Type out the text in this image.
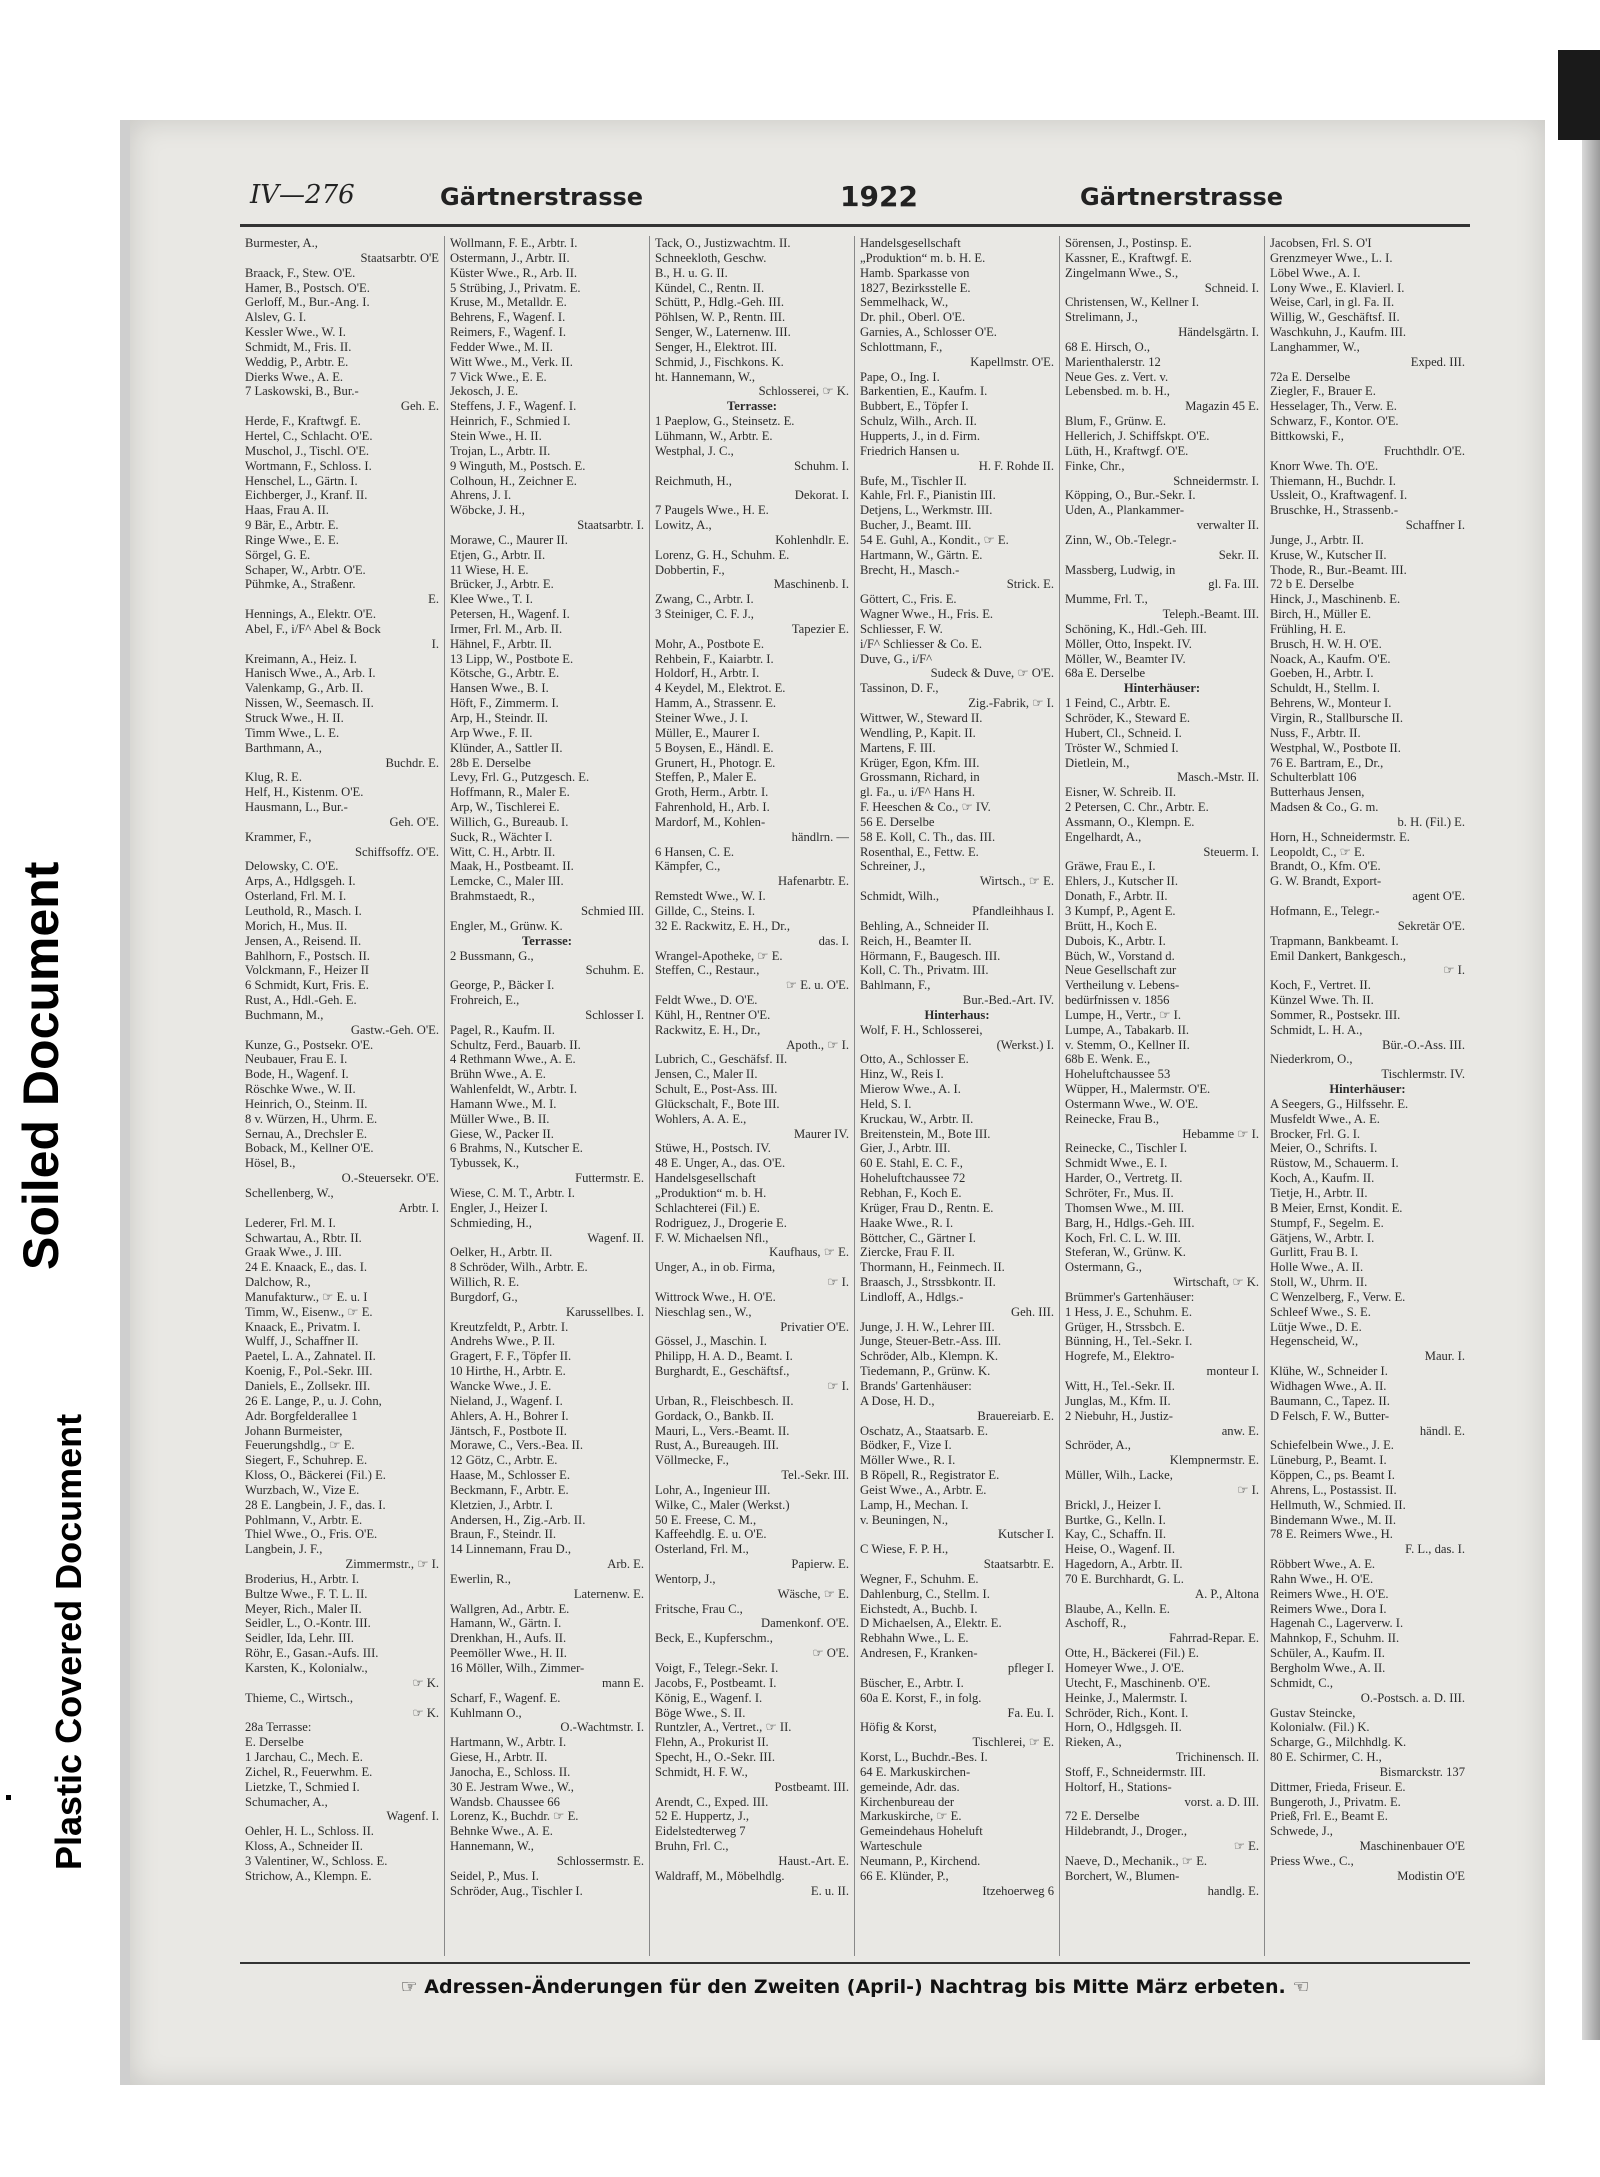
Soiled Document
Plastic Covered Document
IV—276	Gärtnerstrasse	1922	Gärtnerstrasse
Burmester, A.,
Staatsarbtr. O'E
Braack, F., Stew. O'E.
Hamer, B., Postsch. O'E.
Gerloff, M., Bur.-Ang. I.
Alslev, G. I.
Kessler Wwe., W. I.
Schmidt, M., Fris. II.
Weddig, P., Arbtr. E.
Dierks Wwe., A. E.
7 Laskowski, B., Bur.-
Geh. E.
Herde, F., Kraftwgf. E.
Hertel, C., Schlacht. O'E.
Muschol, J., Tischl. O'E.
Wortmann, F., Schloss. I.
Henschel, L., Gärtn. I.
Eichberger, J., Kranf. II.
Haas, Frau A. II.
9 Bär, E., Arbtr. E.
Ringe Wwe., E. E.
Sörgel, G. E.
Schaper, W., Arbtr. O'E.
Pühmke, A., Straßenr.
E.
Hennings, A., Elektr. O'E.
Abel, F., i/F^ Abel & Bock
I.
Kreimann, A., Heiz. I.
Hanisch Wwe., A., Arb. I.
Valenkamp, G., Arb. II.
Nissen, W., Seemasch. II.
Struck Wwe., H. II.
Timm Wwe., L. E.
Barthmann, A.,
Buchdr. E.
Klug, R. E.
Helf, H., Kistenm. O'E.
Hausmann, L., Bur.-
Geh. O'E.
Krammer, F.,
Schiffsoffz. O'E.
Delowsky, C. O'E.
Arps, A., Hdlgsgeh. I.
Osterland, Frl. M. I.
Leuthold, R., Masch. I.
Morich, H., Mus. II.
Jensen, A., Reisend. II.
Bahlhorn, F., Postsch. II.
Volckmann, F., Heizer II
6 Schmidt, Kurt, Fris. E.
Rust, A., Hdl.-Geh. E.
Buchmann, M.,
Gastw.-Geh. O'E.
Kunze, G., Postsekr. O'E.
Neubauer, Frau E. I.
Bode, H., Wagenf. I.
Röschke Wwe., W. II.
Heinrich, O., Steinm. II.
8 v. Würzen, H., Uhrm. E.
Sernau, A., Drechsler E.
Boback, M., Kellner O'E.
Hösel, B.,
O.-Steuersekr. O'E.
Schellenberg, W.,
Arbtr. I.
Lederer, Frl. M. I.
Schwartau, A., Rbtr. II.
Graak Wwe., J. III.
24 E. Knaack, E., das. I.
Dalchow, R.,
Manufakturw., ☞ E. u. I
Timm, W., Eisenw., ☞ E.
Knaack, E., Privatm. I.
Wulff, J., Schaffner II.
Paetel, L. A., Zahnatel. II.
Koenig, F., Pol.-Sekr. III.
Daniels, E., Zollsekr. III.
26 E. Lange, P., u. J. Cohn,
Adr. Borgfelderallee 1
Johann Burmeister,
Feuerungshdlg., ☞ E.
Siegert, F., Schuhrep. E.
Kloss, O., Bäckerei (Fil.) E.
Wurzbach, W., Vize E.
28 E. Langbein, J. F., das. I.
Pohlmann, V., Arbtr. E.
Thiel Wwe., O., Fris. O'E.
Langbein, J. F.,
Zimmermstr., ☞ I.
Broderius, H., Arbtr. I.
Bultze Wwe., F. T. L. II.
Meyer, Rich., Maler II.
Seidler, L., O.-Kontr. III.
Seidler, Ida, Lehr. III.
Röhr, E., Gasan.-Aufs. III.
Karsten, K., Kolonialw.,
☞ K.
Thieme, C., Wirtsch.,
☞ K.
28a Terrasse:
E. Derselbe
1 Jarchau, C., Mech. E.
Zichel, R., Feuerwhm. E.
Lietzke, T., Schmied I.
Schumacher, A.,
Wagenf. I.
Oehler, H. L., Schloss. II.
Kloss, A., Schneider II.
3 Valentiner, W., Schloss. E.
Strichow, A., Klempn. E.
Wollmann, F. E., Arbtr. I.
Ostermann, J., Arbtr. II.
Küster Wwe., R., Arb. II.
5 Strübing, J., Privatm. E.
Kruse, M., Metalldr. E.
Behrens, F., Wagenf. I.
Reimers, F., Wagenf. I.
Fedder Wwe., M. II.
Witt Wwe., M., Verk. II.
7 Vick Wwe., E. E.
Jekosch, J. E.
Steffens, J. F., Wagenf. I.
Heinrich, F., Schmied I.
Stein Wwe., H. II.
Trojan, L., Arbtr. II.
9 Winguth, M., Postsch. E.
Colhoun, H., Zeichner E.
Ahrens, J. I.
Wöbcke, J. H.,
Staatsarbtr. I.
Morawe, C., Maurer II.
Etjen, G., Arbtr. II.
11 Wiese, H. E.
Brücker, J., Arbtr. E.
Klee Wwe., T. I.
Petersen, H., Wagenf. I.
Irmer, Frl. M., Arb. II.
Hähnel, F., Arbtr. II.
13 Lipp, W., Postbote E.
Kötsche, G., Arbtr. E.
Hansen Wwe., B. I.
Höft, F., Zimmerm. I.
Arp, H., Steindr. II.
Arp Wwe., F. II.
Klünder, A., Sattler II.
28b E. Derselbe
Levy, Frl. G., Putzgesch. E.
Hoffmann, R., Maler E.
Arp, W., Tischlerei E.
Willich, G., Bureaub. I.
Suck, R., Wächter I.
Witt, C. H., Arbtr. II.
Maak, H., Postbeamt. II.
Lemcke, C., Maler III.
Brahmstaedt, R.,
Schmied III.
Engler, M., Grünw. K.
Terrasse:
2 Bussmann, G.,
Schuhm. E.
George, P., Bäcker I.
Frohreich, E.,
Schlosser I.
Pagel, R., Kaufm. II.
Schultz, Ferd., Bauarb. II.
4 Rethmann Wwe., A. E.
Brühn Wwe., A. E.
Wahlenfeldt, W., Arbtr. I.
Hamann Wwe., M. I.
Müller Wwe., B. II.
Giese, W., Packer II.
6 Brahms, N., Kutscher E.
Tybussek, K.,
Futtermstr. E.
Wiese, C. M. T., Arbtr. I.
Engler, J., Heizer I.
Schmieding, H.,
Wagenf. II.
Oelker, H., Arbtr. II.
8 Schröder, Wilh., Arbtr. E.
Willich, R. E.
Burgdorf, G.,
Karussellbes. I.
Kreutzfeldt, P., Arbtr. I.
Andrehs Wwe., P. II.
Gragert, F. F., Töpfer II.
10 Hirthe, H., Arbtr. E.
Wancke Wwe., J. E.
Nieland, J., Wagenf. I.
Ahlers, A. H., Bohrer I.
Jäntsch, F., Postbote II.
Morawe, C., Vers.-Bea. II.
12 Götz, C., Arbtr. E.
Haase, M., Schlosser E.
Beckmann, F., Arbtr. E.
Kletzien, J., Arbtr. I.
Andersen, H., Zig.-Arb. II.
Braun, F., Steindr. II.
14 Linnemann, Frau D.,
Arb. E.
Ewerlin, R.,
Laternenw. E.
Wallgren, Ad., Arbtr. E.
Hamann, W., Gärtn. I.
Drenkhan, H., Aufs. II.
Peemöller Wwe., H. II.
16 Möller, Wilh., Zimmer-
mann E.
Scharf, F., Wagenf. E.
Kuhlmann O.,
O.-Wachtmstr. I.
Hartmann, W., Arbtr. I.
Giese, H., Arbtr. II.
Janocha, E., Schloss. II.
30 E. Jestram Wwe., W.,
Wandsb. Chaussee 66
Lorenz, K., Buchdr. ☞ E.
Behnke Wwe., A. E.
Hannemann, W.,
Schlossermstr. E.
Seidel, P., Mus. I.
Schröder, Aug., Tischler I.
Tack, O., Justizwachtm. II.
Schneekloth, Geschw.
B., H. u. G. II.
Kündel, C., Rentn. II.
Schütt, P., Hdlg.-Geh. III.
Pöhlsen, W. P., Rentn. III.
Senger, W., Laternenw. III.
Senger, H., Elektrot. III.
Schmid, J., Fischkons. K.
ht. Hannemann, W.,
Schlosserei, ☞ K.
Terrasse:
1 Paeplow, G., Steinsetz. E.
Lühmann, W., Arbtr. E.
Westphal, J. C.,
Schuhm. I.
Reichmuth, H.,
Dekorat. I.
7 Paugels Wwe., H. E.
Lowitz, A.,
Kohlenhdlr. E.
Lorenz, G. H., Schuhm. E.
Dobbertin, F.,
Maschinenb. I.
Zwang, C., Arbtr. I.
3 Steiniger, C. F. J.,
Tapezier E.
Mohr, A., Postbote E.
Rehbein, F., Kaiarbtr. I.
Holdorf, H., Arbtr. I.
4 Keydel, M., Elektrot. E.
Hamm, A., Strassenr. E.
Steiner Wwe., J. I.
Müller, E., Maurer I.
5 Boysen, E., Händl. E.
Grunert, H., Photogr. E.
Steffen, P., Maler E.
Groth, Herm., Arbtr. I.
Fahrenhold, H., Arb. I.
Mardorf, M., Kohlen-
händlrn. —
6 Hansen, C. E.
Kämpfer, C.,
Hafenarbtr. E.
Remstedt Wwe., W. I.
Gillde, C., Steins. I.
32 E. Rackwitz, E. H., Dr.,
das. I.
Wrangel-Apotheke, ☞ E.
Steffen, C., Restaur.,
☞ E. u. O'E.
Feldt Wwe., D. O'E.
Kühl, H., Rentner O'E.
Rackwitz, E. H., Dr.,
Apoth., ☞ I.
Lubrich, C., Geschäfsf. II.
Jensen, C., Maler II.
Schult, E., Post-Ass. III.
Glückschalt, F., Bote III.
Wohlers, A. A. E.,
Maurer IV.
Stüwe, H., Postsch. IV.
48 E. Unger, A., das. O'E.
Handelsgesellschaft
„Produktion“ m. b. H.
Schlachterei (Fil.) E.
Rodriguez, J., Drogerie E.
F. W. Michaelsen Nfl.,
Kaufhaus, ☞ E.
Unger, A., in ob. Firma,
☞ I.
Wittrock Wwe., H. O'E.
Nieschlag sen., W.,
Privatier O'E.
Gössel, J., Maschin. I.
Philipp, H. A. D., Beamt. I.
Burghardt, E., Geschäftsf.,
☞ I.
Urban, R., Fleischbesch. II.
Gordack, O., Bankb. II.
Mauri, L., Vers.-Beamt. II.
Rust, A., Bureaugeh. III.
Völlmecke, F.,
Tel.-Sekr. III.
Lohr, A., Ingenieur III.
Wilke, C., Maler (Werkst.)
50 E. Freese, C. M.,
Kaffeehdlg. E. u. O'E.
Osterland, Frl. M.,
Papierw. E.
Wentorp, J.,
Wäsche, ☞ E.
Fritsche, Frau C.,
Damenkonf. O'E.
Beck, E., Kupferschm.,
☞ O'E.
Voigt, F., Telegr.-Sekr. I.
Jacobs, F., Postbeamt. I.
König, E., Wagenf. I.
Böge Wwe., S. II.
Runtzler, A., Vertret., ☞ II.
Flehn, A., Prokurist II.
Specht, H., O.-Sekr. III.
Schmidt, H. F. W.,
Postbeamt. III.
Arendt, C., Exped. III.
52 E. Huppertz, J.,
Eidelstedterweg 7
Bruhn, Frl. C.,
Haust.-Art. E.
Waldraff, M., Möbelhdlg.
E. u. II.
Handelsgesellschaft
„Produktion“ m. b. H. E.
Hamb. Sparkasse von
1827, Bezirksstelle E.
Semmelhack, W.,
Dr. phil., Oberl. O'E.
Garnies, A., Schlosser O'E.
Schlottmann, F.,
Kapellmstr. O'E.
Pape, O., Ing. I.
Barkentien, E., Kaufm. I.
Bubbert, E., Töpfer I.
Schulz, Wilh., Arch. II.
Hupperts, J., in d. Firm.
Friedrich Hansen u.
H. F. Rohde II.
Bufe, M., Tischler II.
Kahle, Frl. F., Pianistin III.
Detjens, L., Werkmstr. III.
Bucher, J., Beamt. III.
54 E. Guhl, A., Kondit., ☞ E.
Hartmann, W., Gärtn. E.
Brecht, H., Masch.-
Strick. E.
Göttert, C., Fris. E.
Wagner Wwe., H., Fris. E.
Schliesser, F. W.
i/F^ Schliesser & Co. E.
Duve, G., i/F^
Sudeck & Duve, ☞ O'E.
Tassinon, D. F.,
Zig.-Fabrik, ☞ I.
Wittwer, W., Steward II.
Wendling, P., Kapit. II.
Martens, F. III.
Krüger, Egon, Kfm. III.
Grossmann, Richard, in
gl. Fa., u. i/F^ Hans H.
F. Heeschen & Co., ☞ IV.
56 E. Derselbe
58 E. Koll, C. Th., das. III.
Rosenthal, E., Fettw. E.
Schreiner, J.,
Wirtsch., ☞ E.
Schmidt, Wilh.,
Pfandleihhaus I.
Behling, A., Schneider II.
Reich, H., Beamter II.
Hörmann, F., Baugesch. III.
Koll, C. Th., Privatm. III.
Bahlmann, F.,
Bur.-Bed.-Art. IV.
Hinterhaus:
Wolf, F. H., Schlosserei,
(Werkst.) I.
Otto, A., Schlosser E.
Hinz, W., Reis I.
Mierow Wwe., A. I.
Held, S. I.
Kruckau, W., Arbtr. II.
Breitenstein, M., Bote III.
Gier, J., Arbtr. III.
60 E. Stahl, E. C. F.,
Hoheluftchaussee 72
Rebhan, F., Koch E.
Krüger, Frau D., Rentn. E.
Haake Wwe., R. I.
Böttcher, C., Gärtner I.
Ziercke, Frau F. II.
Thormann, H., Feinmech. II.
Braasch, J., Strssbkontr. II.
Lindloff, A., Hdlgs.-
Geh. III.
Junge, J. H. W., Lehrer III.
Junge, Steuer-Betr.-Ass. III.
Schröder, Alb., Klempn. K.
Tiedemann, P., Grünw. K.
Brands' Gartenhäuser:
A Dose, H. D.,
Brauereiarb. E.
Oschatz, A., Staatsarb. E.
Bödker, F., Vize I.
Möller Wwe., R. I.
B Röpell, R., Registrator E.
Geist Wwe., A., Arbtr. E.
Lamp, H., Mechan. I.
v. Beuningen, N.,
Kutscher I.
C Wiese, F. P. H.,
Staatsarbtr. E.
Wegner, F., Schuhm. E.
Dahlenburg, C., Stellm. I.
Eichstedt, A., Buchb. I.
D Michaelsen, A., Elektr. E.
Rebhahn Wwe., L. E.
Andresen, F., Kranken-
pfleger I.
Büscher, E., Arbtr. I.
60a E. Korst, F., in folg.
Fa. Eu. I.
Höfig & Korst,
Tischlerei, ☞ E.
Korst, L., Buchdr.-Bes. I.
64 E. Markuskirchen-
gemeinde, Adr. das.
Kirchenbureau der
Markuskirche, ☞ E.
Gemeindehaus Hoheluft
Warteschule
Neumann, P., Kirchend.
66 E. Klünder, P.,
Itzehoerweg 6
Sörensen, J., Postinsp. E.
Kassner, E., Kraftwgf. E.
Zingelmann Wwe., S.,
Schneid. I.
Christensen, W., Kellner I.
Strelimann, J.,
Händelsgärtn. I.
68 E. Hirsch, O.,
Marienthalerstr. 12
Neue Ges. z. Vert. v.
Lebensbed. m. b. H.,
Magazin 45 E.
Blum, F., Grünw. E.
Hellerich, J. Schiffskpt. O'E.
Lüth, H., Kraftwgf. O'E.
Finke, Chr.,
Schneidermstr. I.
Köpping, O., Bur.-Sekr. I.
Uden, A., Plankammer-
verwalter II.
Zinn, W., Ob.-Telegr.-
Sekr. II.
Massberg, Ludwig, in
gl. Fa. III.
Mumme, Frl. T.,
Teleph.-Beamt. III.
Schöning, K., Hdl.-Geh. III.
Möller, Otto, Inspekt. IV.
Möller, W., Beamter IV.
68a E. Derselbe
Hinterhäuser:
1 Feind, C., Arbtr. E.
Schröder, K., Steward E.
Hubert, Cl., Schneid. I.
Tröster W., Schmied I.
Dietlein, M.,
Masch.-Mstr. II.
Eisner, W. Schreib. II.
2 Petersen, C. Chr., Arbtr. E.
Assmann, O., Klempn. E.
Engelhardt, A.,
Steuerm. I.
Gräwe, Frau E., I.
Ehlers, J., Kutscher II.
Donath, F., Arbtr. II.
3 Kumpf, P., Agent E.
Brütt, H., Koch E.
Dubois, K., Arbtr. I.
Büch, W., Vorstand d.
Neue Gesellschaft zur
Vertheilung v. Lebens-
bedürfnissen v. 1856
Lumpe, H., Vertr., ☞ I.
Lumpe, A., Tabakarb. II.
v. Stemm, O., Kellner II.
68b E. Wenk. E.,
Hoheluftchaussee 53
Wüpper, H., Malermstr. O'E.
Ostermann Wwe., W. O'E.
Reinecke, Frau B.,
Hebamme ☞ I.
Reinecke, C., Tischler I.
Schmidt Wwe., E. I.
Harder, O., Vertretg. II.
Schröter, Fr., Mus. II.
Thomsen Wwe., M. III.
Barg, H., Hdlgs.-Geh. III.
Koch, Frl. C. L. W. III.
Steferan, W., Grünw. K.
Ostermann, G.,
Wirtschaft, ☞ K.
Brümmer's Gartenhäuser:
1 Hess, J. E., Schuhm. E.
Grüger, H., Strssbch. E.
Bünning, H., Tel.-Sekr. I.
Hogrefe, M., Elektro-
monteur I.
Witt, H., Tel.-Sekr. II.
Junglas, M., Kfm. II.
2 Niebuhr, H., Justiz-
anw. E.
Schröder, A.,
Klempnermstr. E.
Müller, Wilh., Lacke,
☞ I.
Brickl, J., Heizer I.
Burtke, G., Kelln. I.
Kay, C., Schaffn. II.
Heise, O., Wagenf. II.
Hagedorn, A., Arbtr. II.
70 E. Burchhardt, G. L.
A. P., Altona
Blaube, A., Kelln. E.
Aschoff, R.,
Fahrrad-Repar. E.
Otte, H., Bäckerei (Fil.) E.
Homeyer Wwe., J. O'E.
Utecht, F., Maschinenb. O'E.
Heinke, J., Malermstr. I.
Schröder, Rich., Kont. I.
Horn, O., Hdlgsgeh. II.
Rieken, A.,
Trichinensch. II.
Stoff, F., Schneidermstr. III.
Holtorf, H., Stations-
vorst. a. D. III.
72 E. Derselbe
Hildebrandt, J., Droger.,
☞ E.
Naeve, D., Mechanik., ☞ E.
Borchert, W., Blumen-
handlg. E.
Jacobsen, Frl. S. O'I
Grenzmeyer Wwe., L. I.
Löbel Wwe., A. I.
Lony Wwe., E. Klavierl. I.
Weise, Carl, in gl. Fa. II.
Willig, W., Geschäftsf. II.
Waschkuhn, J., Kaufm. III.
Langhammer, W.,
Exped. III.
72a E. Derselbe
Ziegler, F., Brauer E.
Hesselager, Th., Verw. E.
Schwarz, F., Kontor. O'E.
Bittkowski, F.,
Fruchthdlr. O'E.
Knorr Wwe. Th. O'E.
Thiemann, H., Buchdr. I.
Ussleit, O., Kraftwagenf. I.
Bruschke, H., Strassenb.-
Schaffner I.
Junge, J., Arbtr. II.
Kruse, W., Kutscher II.
Thode, R., Bur.-Beamt. III.
72 b E. Derselbe
Hinck, J., Maschinenb. E.
Birch, H., Müller E.
Frühling, H. E.
Brusch, H. W. H. O'E.
Noack, A., Kaufm. O'E.
Goeben, H., Arbtr. I.
Schuldt, H., Stellm. I.
Behrens, W., Monteur I.
Virgin, R., Stallbursche II.
Nuss, F., Arbtr. II.
Westphal, W., Postbote II.
76 E. Bartram, E., Dr.,
Schulterblatt 106
Butterhaus Jensen,
Madsen & Co., G. m.
b. H. (Fil.) E.
Horn, H., Schneidermstr. E.
Leopoldt, C., ☞ E.
Brandt, O., Kfm. O'E.
G. W. Brandt, Export-
agent O'E.
Hofmann, E., Telegr.-
Sekretär O'E.
Trapmann, Bankbeamt. I.
Emil Dankert, Bankgesch.,
☞ I.
Koch, F., Vertret. II.
Künzel Wwe. Th. II.
Sommer, R., Postsekr. III.
Schmidt, L. H. A.,
Bür.-O.-Ass. III.
Niederkrom, O.,
Tischlermstr. IV.
Hinterhäuser:
A Seegers, G., Hilfssehr. E.
Musfeldt Wwe., A. E.
Brocker, Frl. G. I.
Meier, O., Schrifts. I.
Rüstow, M., Schauerm. I.
Koch, A., Kaufm. II.
Tietje, H., Arbtr. II.
B Meier, Ernst, Kondit. E.
Stumpf, F., Segelm. E.
Gätjens, W., Arbtr. I.
Gurlitt, Frau B. I.
Holle Wwe., A. II.
Stoll, W., Uhrm. II.
C Wenzelberg, F., Verw. E.
Schleef Wwe., S. E.
Lütje Wwe., D. E.
Hegenscheid, W.,
Maur. I.
Klühe, W., Schneider I.
Widhagen Wwe., A. II.
Baumann, C., Tapez. II.
D Felsch, F. W., Butter-
händl. E.
Schiefelbein Wwe., J. E.
Lüneburg, P., Beamt. I.
Köppen, C., ps. Beamt I.
Ahrens, L., Postassist. II.
Hellmuth, W., Schmied. II.
Bindemann Wwe., M. II.
78 E. Reimers Wwe., H.
F. L., das. I.
Röbbert Wwe., A. E.
Rahn Wwe., H. O'E.
Reimers Wwe., H. O'E.
Reimers Wwe., Dora I.
Hagenah C., Lagerverw. I.
Mahnkop, F., Schuhm. II.
Schüler, A., Kaufm. II.
Bergholm Wwe., A. II.
Schmidt, C.,
O.-Postsch. a. D. III.
Gustav Steincke,
Kolonialw. (Fil.) K.
Scharge, G., Milchhdlg. K.
80 E. Schirmer, C. H.,
Bismarckstr. 137
Dittmer, Frieda, Friseur. E.
Bungeroth, J., Privatm. E.
Prieß, Frl. E., Beamt E.
Schwede, J.,
Maschinenbauer O'E
Priess Wwe., C.,
Modistin O'E
☞ Adressen-Änderungen für den Zweiten (April-) Nachtrag bis Mitte März erbeten. ☜
